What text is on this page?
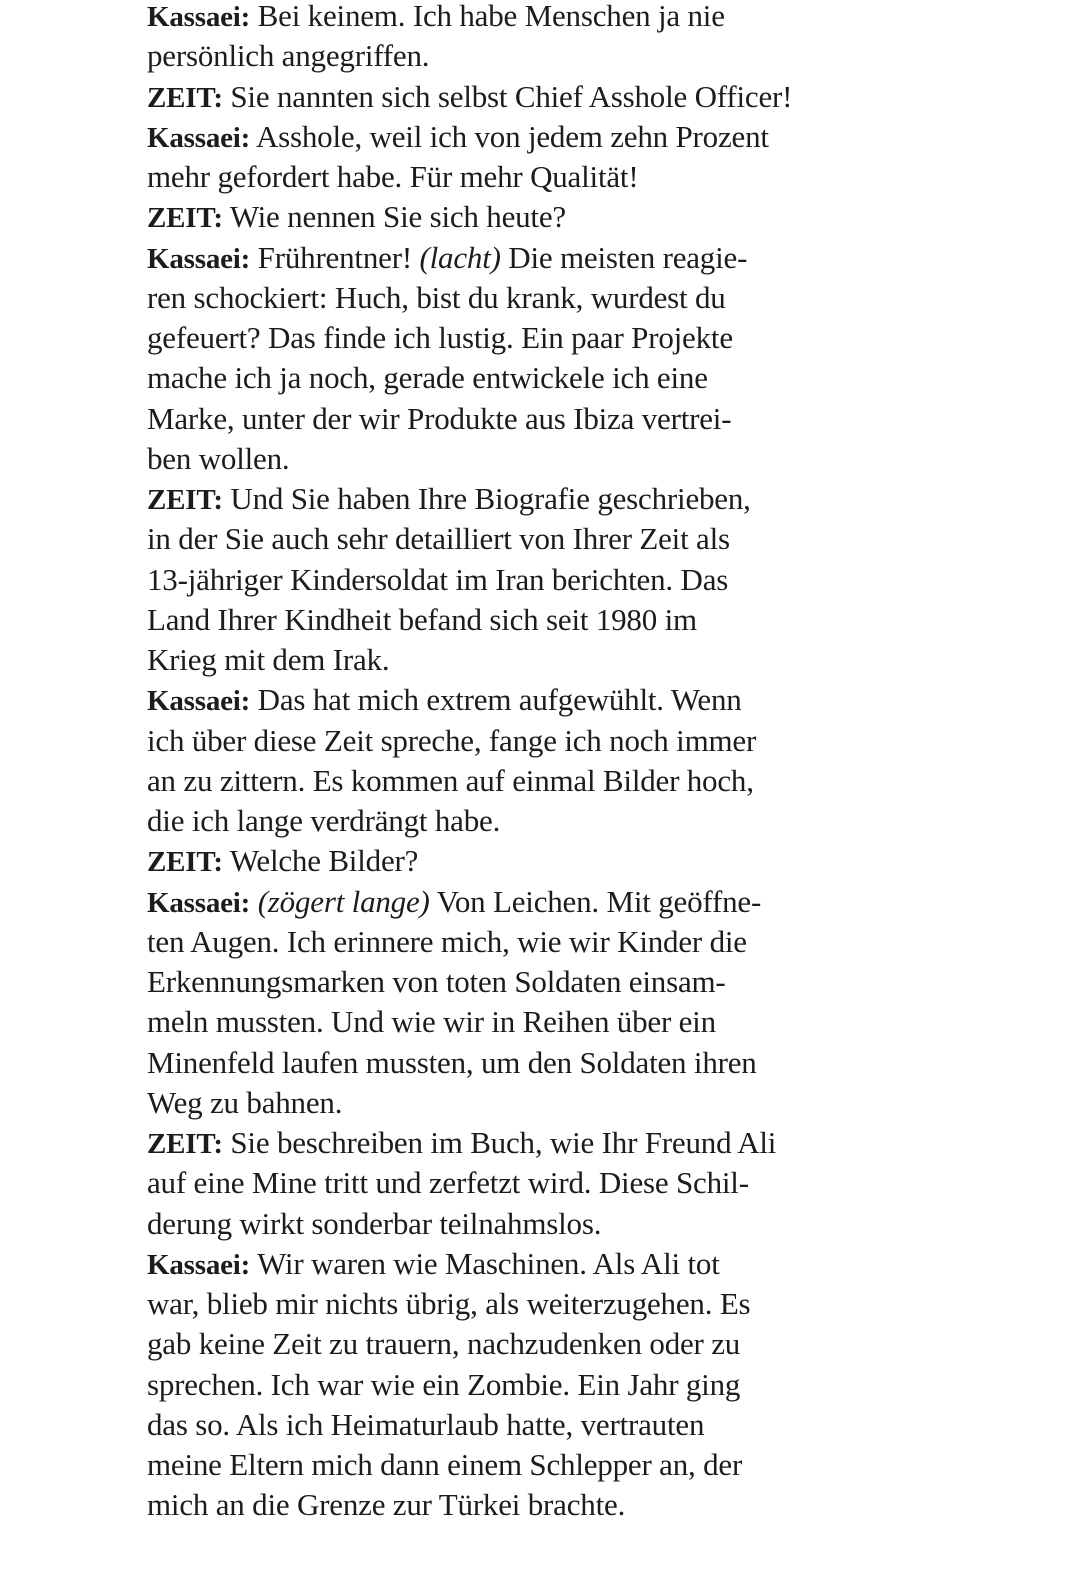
Kassaei: Bei keinem. Ich habe Menschen ja nie
persönlich angegriffen.
ZEIT: Sie nannten sich selbst Chief Asshole Officer!
Kassaei: Asshole, weil ich von jedem zehn Prozent
mehr gefordert habe. Für mehr Qualität!
ZEIT: Wie nennen Sie sich heute?
Kassaei: Frührentner! (lacht) Die meisten reagie-
ren schockiert: Huch, bist du krank, wurdest du
gefeuert? Das finde ich lustig. Ein paar Projekte
mache ich ja noch, gerade entwickele ich eine
Marke, unter der wir Produkte aus Ibiza vertrei-
ben wollen.
ZEIT: Und Sie haben Ihre Biografie geschrieben,
in der Sie auch sehr detailliert von Ihrer Zeit als
13-jähriger Kindersoldat im Iran berichten. Das
Land Ihrer Kindheit befand sich seit 1980 im
Krieg mit dem Irak.
Kassaei: Das hat mich extrem aufgewühlt. Wenn
ich über diese Zeit spreche, fange ich noch immer
an zu zittern. Es kommen auf einmal Bilder hoch,
die ich lange verdrängt habe.
ZEIT: Welche Bilder?
Kassaei: (zögert lange) Von Leichen. Mit geöffne-
ten Augen. Ich erinnere mich, wie wir Kinder die
Erkennungsmarken von toten Soldaten einsam-
meln mussten. Und wie wir in Reihen über ein
Minenfeld laufen mussten, um den Soldaten ihren
Weg zu bahnen.
ZEIT: Sie beschreiben im Buch, wie Ihr Freund Ali
auf eine Mine tritt und zerfetzt wird. Diese Schil-
derung wirkt sonderbar teilnahmslos.
Kassaei: Wir waren wie Maschinen. Als Ali tot
war, blieb mir nichts übrig, als weiterzugehen. Es
gab keine Zeit zu trauern, nachzudenken oder zu
sprechen. Ich war wie ein Zombie. Ein Jahr ging
das so. Als ich Heimaturlaub hatte, vertrauten
meine Eltern mich dann einem Schlepper an, der
mich an die Grenze zur Türkei brachte.
